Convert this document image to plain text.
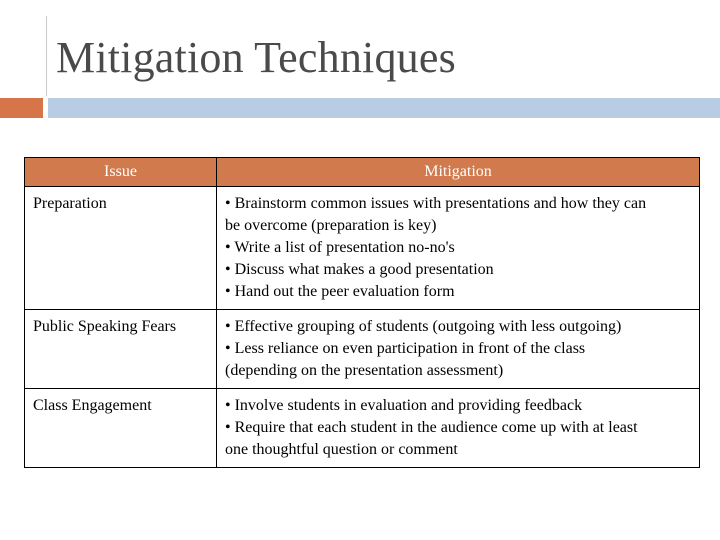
Mitigation Techniques
Issue	Mitigation
Preparation	• Brainstorm common issues with presentations and how they can
be overcome (preparation is key)
• Write a list of presentation no-no's
• Discuss what makes a good presentation
• Hand out the peer evaluation form

Public Speaking Fears	• Effective grouping of students (outgoing with less outgoing)
• Less reliance on even participation in front of the class
(depending on the presentation assessment)

Class Engagement	• Involve students in evaluation and providing feedback
• Require that each student in the audience come up with at least
one thoughtful question or comment
